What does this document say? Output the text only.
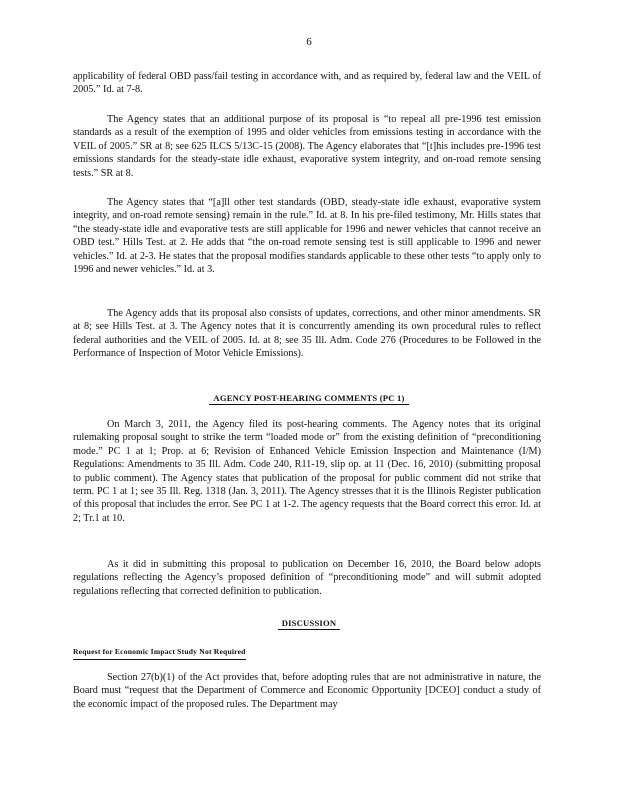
6

applicability of federal OBD pass/fail testing in accordance with, and as required by, federal law and the VEIL of 2005.” Id. at 7-8.

The Agency states that an additional purpose of its proposal is “to repeal all pre-1996 test emission standards as a result of the exemption of 1995 and older vehicles from emissions testing in accordance with the VEIL of 2005.” SR at 8; see 625 ILCS 5/13C-15 (2008). The Agency elaborates that “[t]his includes pre-1996 test emissions standards for the steady-state idle exhaust, evaporative system integrity, and on-road remote sensing tests.” SR at 8.

The Agency states that “[a]ll other test standards (OBD, steady-state idle exhaust, evaporative system integrity, and on-road remote sensing) remain in the rule.” Id. at 8. In his pre-filed testimony, Mr. Hills states that “the steady-state idle and evaporative tests are still applicable for 1996 and newer vehicles that cannot receive an OBD test.” Hills Test. at 2. He adds that “the on-road remote sensing test is still applicable to 1996 and newer vehicles.” Id. at 2-3. He states that the proposal modifies standards applicable to these other tests “to apply only to 1996 and newer vehicles.” Id. at 3.

The Agency adds that its proposal also consists of updates, corrections, and other minor amendments. SR at 8; see Hills Test. at 3. The Agency notes that it is concurrently amending its own procedural rules to reflect federal authorities and the VEIL of 2005. Id. at 8; see 35 Ill. Adm. Code 276 (Procedures to be Followed in the Performance of Inspection of Motor Vehicle Emissions).

AGENCY POST-HEARING COMMENTS (PC 1)

On March 3, 2011, the Agency filed its post-hearing comments. The Agency notes that its original rulemaking proposal sought to strike the term “loaded mode or” from the existing definition of “preconditioning mode.” PC 1 at 1; Prop. at 6; Revision of Enhanced Vehicle Emission Inspection and Maintenance (I/M) Regulations: Amendments to 35 Ill. Adm. Code 240, R11-19, slip op. at 11 (Dec. 16, 2010) (submitting proposal to public comment). The Agency states that publication of the proposal for public comment did not strike that term. PC 1 at 1; see 35 Ill. Reg. 1318 (Jan. 3, 2011). The Agency stresses that it is the Illinois Register publication of this proposal that includes the error. See PC 1 at 1-2. The agency requests that the Board correct this error. Id. at 2; Tr.1 at 10.

As it did in submitting this proposal to publication on December 16, 2010, the Board below adopts regulations reflecting the Agency’s proposed definition of “preconditioning mode” and will submit adopted regulations reflecting that corrected definition to publication.

DISCUSSION
Request for Economic Impact Study Not Required

Section 27(b)(1) of the Act provides that, before adopting rules that are not administrative in nature, the Board must “request that the Department of Commerce and Economic Opportunity [DCEO] conduct a study of the economic impact of the proposed rules. The Department may
